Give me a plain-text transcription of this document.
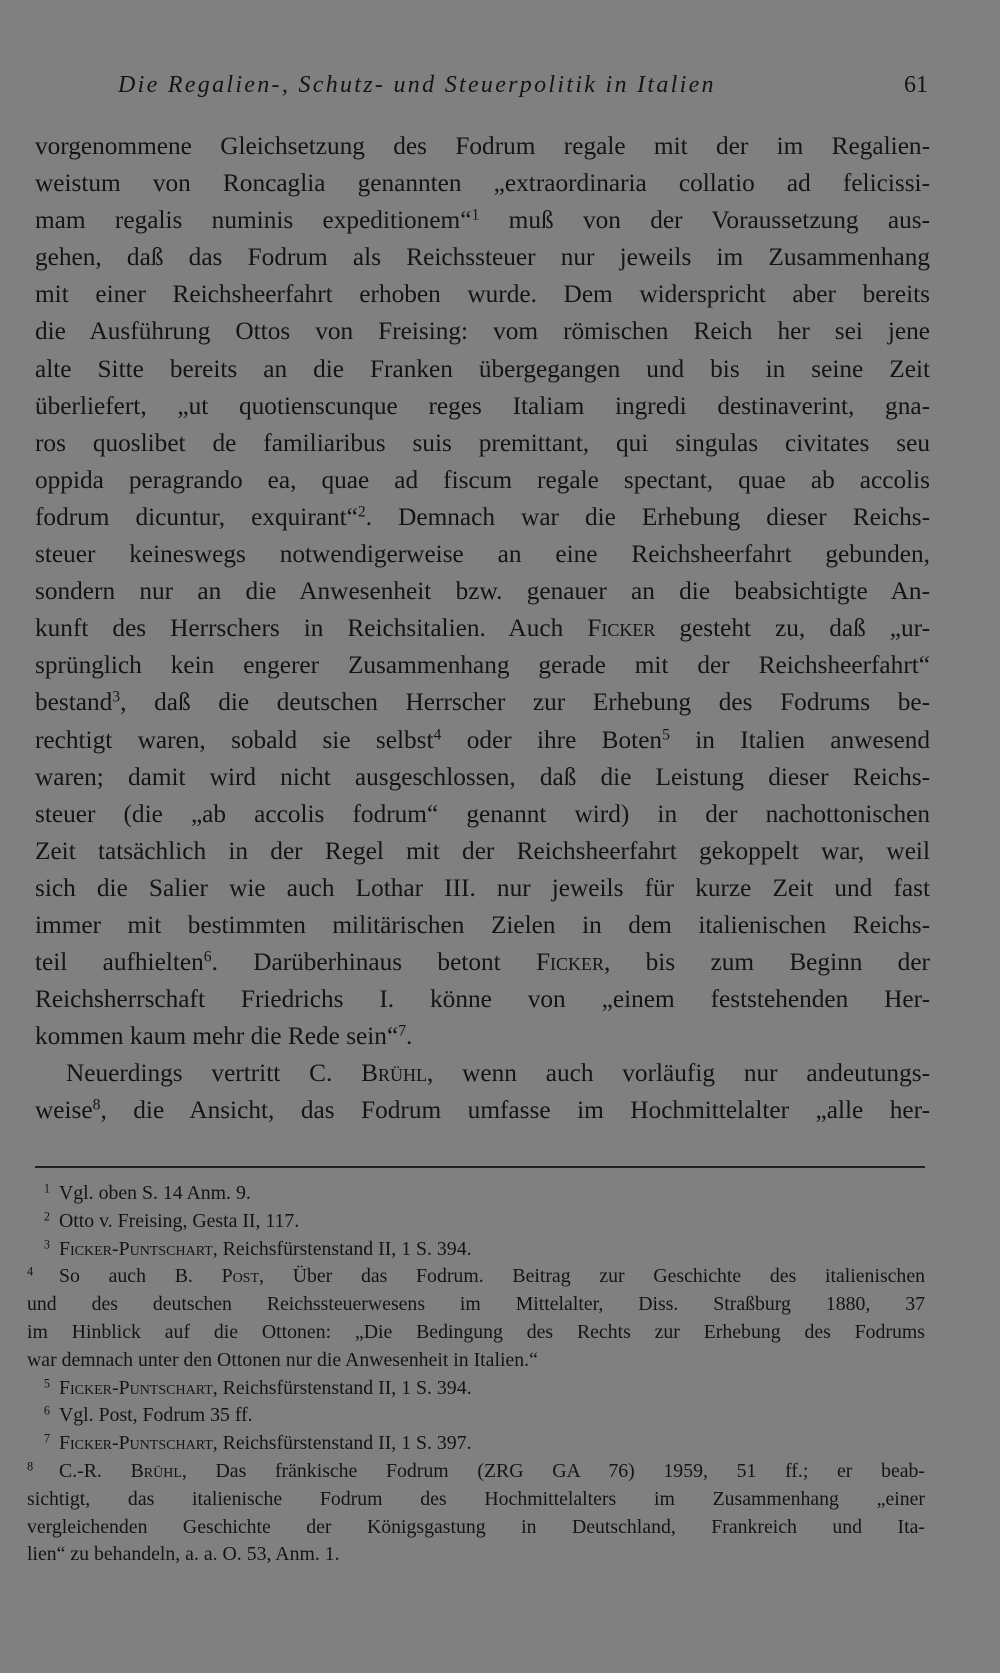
Die Regalien-, Schutz- und Steuerpolitik in Italien	61
vorgenommene Gleichsetzung des Fodrum regale mit der im Regalien-
weistum von Roncaglia genannten „extraordinaria collatio ad felicissi-
mam regalis numinis expeditionem“$^1$ muß von der Voraussetzung aus-
gehen, daß das Fodrum als Reichssteuer nur jeweils im Zusammenhang
mit einer Reichsheerfahrt erhoben wurde. Dem widerspricht aber bereits
die Ausführung Ottos von Freising: vom römischen Reich her sei jene
alte Sitte bereits an die Franken übergegangen und bis in seine Zeit
überliefert, „ut quotienscunque reges Italiam ingredi destinaverint, gna-
ros quoslibet de familiaribus suis premittant, qui singulas civitates seu
oppida peragrando ea, quae ad fiscum regale spectant, quae ab accolis
fodrum dicuntur, exquirant“$^2$. Demnach war die Erhebung dieser Reichs-
steuer keineswegs notwendigerweise an eine Reichsheerfahrt gebunden,
sondern nur an die Anwesenheit bzw. genauer an die beabsichtigte An-
kunft des Herrschers in Reichsitalien. Auch Ficker gesteht zu, daß „ur-
sprünglich kein engerer Zusammenhang gerade mit der Reichsheerfahrt“
bestand$^3$, daß die deutschen Herrscher zur Erhebung des Fodrums be-
rechtigt waren, sobald sie selbst$^4$ oder ihre Boten$^5$ in Italien anwesend
waren; damit wird nicht ausgeschlossen, daß die Leistung dieser Reichs-
steuer (die „ab accolis fodrum“ genannt wird) in der nachottonischen
Zeit tatsächlich in der Regel mit der Reichsheerfahrt gekoppelt war, weil
sich die Salier wie auch Lothar III. nur jeweils für kurze Zeit und fast
immer mit bestimmten militärischen Zielen in dem italienischen Reichs-
teil aufhielten$^6$. Darüberhinaus betont Ficker, bis zum Beginn der
Reichsherrschaft Friedrichs I. könne von „einem feststehenden Her-
kommen kaum mehr die Rede sein“$^7$.
Neuerdings vertritt C. Brühl, wenn auch vorläufig nur andeutungs-
weise$^8$, die Ansicht, das Fodrum umfasse im Hochmittelalter „alle her-
$^1$ Vgl. oben S. 14 Anm. 9.
$^2$ Otto v. Freising, Gesta II, 117.
$^3$ Ficker-Puntschart, Reichsfürstenstand II, 1 S. 394.
$^4$ So auch B. Post, Über das Fodrum. Beitrag zur Geschichte des italienischen
und des deutschen Reichssteuerwesens im Mittelalter, Diss. Straßburg 1880, 37
im Hinblick auf die Ottonen: „Die Bedingung des Rechts zur Erhebung des Fodrums
war demnach unter den Ottonen nur die Anwesenheit in Italien.“
$^5$ Ficker-Puntschart, Reichsfürstenstand II, 1 S. 394.
$^6$ Vgl. Post, Fodrum 35 ff.
$^7$ Ficker-Puntschart, Reichsfürstenstand II, 1 S. 397.
$^8$ C.-R. Brühl, Das fränkische Fodrum (ZRG GA 76) 1959, 51 ff.; er beab-
sichtigt, das italienische Fodrum des Hochmittelalters im Zusammenhang „einer
vergleichenden Geschichte der Königsgastung in Deutschland, Frankreich und Ita-
lien“ zu behandeln, a. a. O. 53, Anm. 1.
